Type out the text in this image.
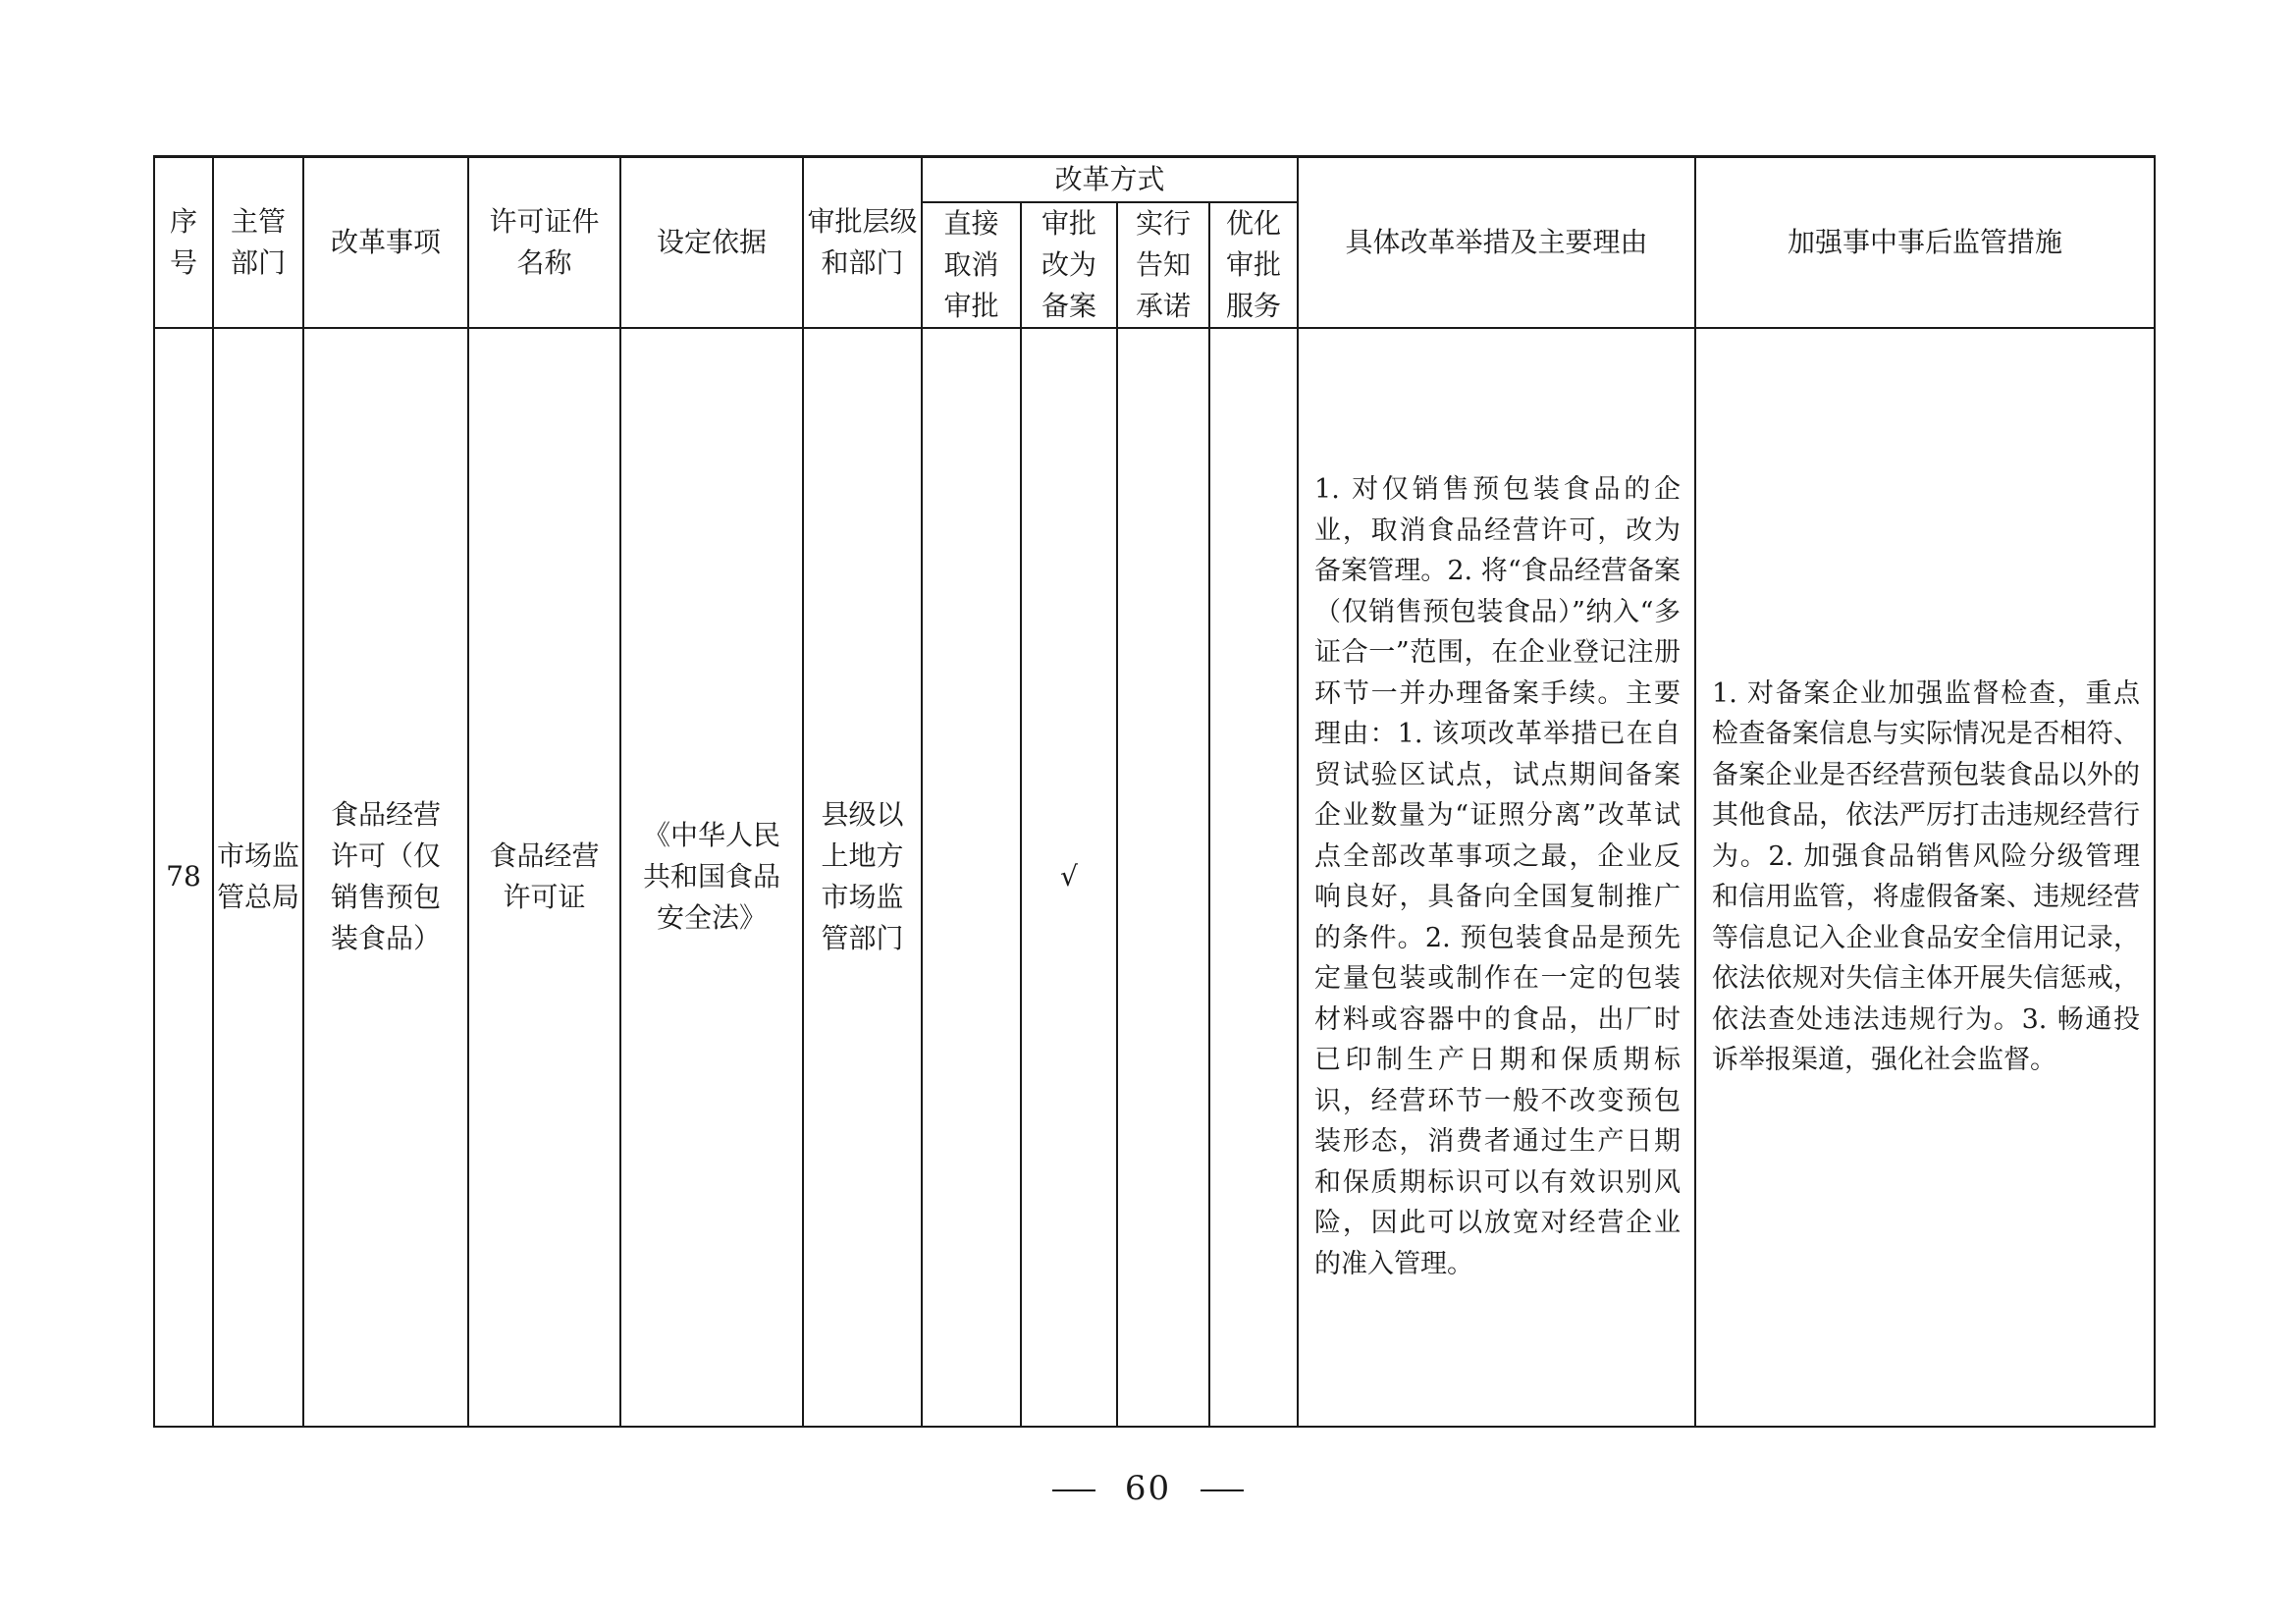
序号	主管部门	改革事项	许可证件名称	设定依据	审批层级和部门	改革方式				具体改革举措及主要理由	加强事中事后监管措施

						直接取消审批	审批改为备案	实行告知承诺	优化审批服务		

78	市场监管总局	食品经营许可（仅销售预包装食品）	食品经营许可证	《中华人民共和国食品安全法》	县级以上地方市场监管部门		√			1. 对仅销售预包装食品的企业，取消食品经营许可，改为备案管理。2. 将“食品经营备案（仅销售预包装食品）”纳入“多证合一”范围，在企业登记注册环节一并办理备案手续。主要理由：1. 该项改革举措已在自贸试验区试点，试点期间备案企业数量为“证照分离”改革试点全部改革事项之最，企业反响良好，具备向全国复制推广的条件。2. 预包装食品是预先定量包装或制作在一定的包装材料或容器中的食品，出厂时已印制生产日期和保质期标识，经营环节一般不改变预包装形态，消费者通过生产日期和保质期标识可以有效识别风险，因此可以放宽对经营企业的准入管理。	1. 对备案企业加强监督检查，重点检查备案信息与实际情况是否相符、备案企业是否经营预包装食品以外的其他食品，依法严厉打击违规经营行为。2. 加强食品销售风险分级管理和信用监管，将虚假备案、违规经营等信息记入企业食品安全信用记录，依法依规对失信主体开展失信惩戒，依法查处违法违规行为。3. 畅通投诉举报渠道，强化社会监督。
60
